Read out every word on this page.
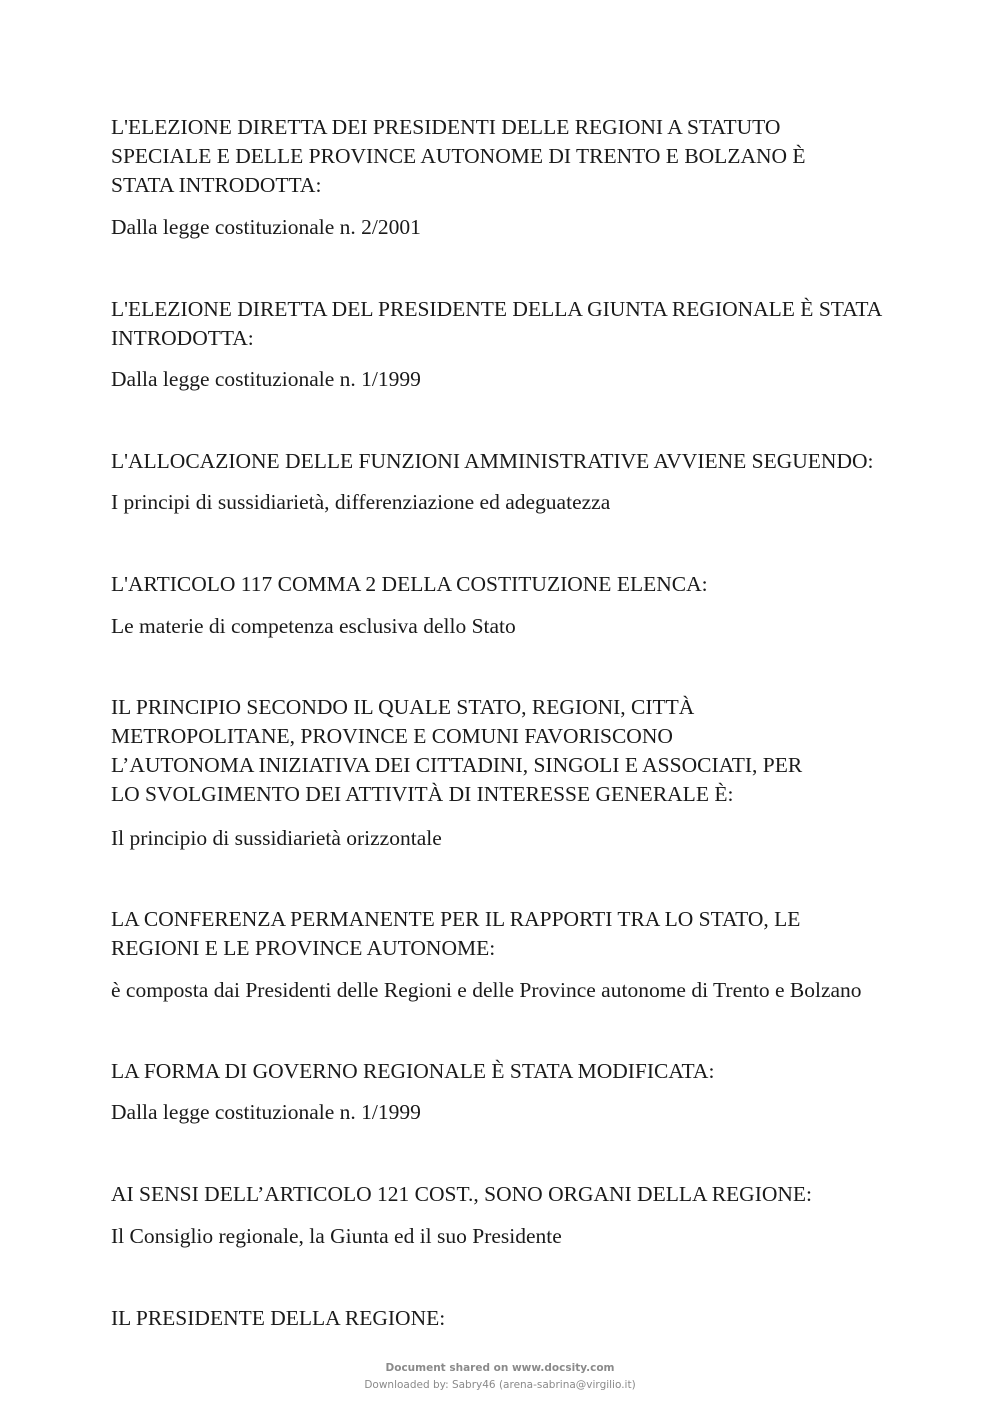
L'ELEZIONE DIRETTA DEI PRESIDENTI DELLE REGIONI A STATUTO
SPECIALE E DELLE PROVINCE AUTONOME DI TRENTO E BOLZANO È
STATA INTRODOTTA:

Dalla legge costituzionale n. 2/2001

L'ELEZIONE DIRETTA DEL PRESIDENTE DELLA GIUNTA REGIONALE È STATA
INTRODOTTA:

Dalla legge costituzionale n. 1/1999

L'ALLOCAZIONE DELLE FUNZIONI AMMINISTRATIVE AVVIENE SEGUENDO:

I principi di sussidiarietà, differenziazione ed adeguatezza

L'ARTICOLO 117 COMMA 2 DELLA COSTITUZIONE ELENCA:

Le materie di competenza esclusiva dello Stato

IL PRINCIPIO SECONDO IL QUALE STATO, REGIONI, CITTÀ
METROPOLITANE, PROVINCE E COMUNI FAVORISCONO
L’AUTONOMA INIZIATIVA DEI CITTADINI, SINGOLI E ASSOCIATI, PER
LO SVOLGIMENTO DEI ATTIVITÀ DI INTERESSE GENERALE È:

Il principio di sussidiarietà orizzontale

LA CONFERENZA PERMANENTE PER IL RAPPORTI TRA LO STATO, LE
REGIONI E LE PROVINCE AUTONOME:

è composta dai Presidenti delle Regioni e delle Province autonome di Trento e Bolzano

LA FORMA DI GOVERNO REGIONALE È STATA MODIFICATA:

Dalla legge costituzionale n. 1/1999

AI SENSI DELL’ARTICOLO 121 COST., SONO ORGANI DELLA REGIONE:

Il Consiglio regionale, la Giunta ed il suo Presidente

IL PRESIDENTE DELLA REGIONE:

Document shared on www.docsity.com
Downloaded by: Sabry46 (arena-sabrina@virgilio.it)
